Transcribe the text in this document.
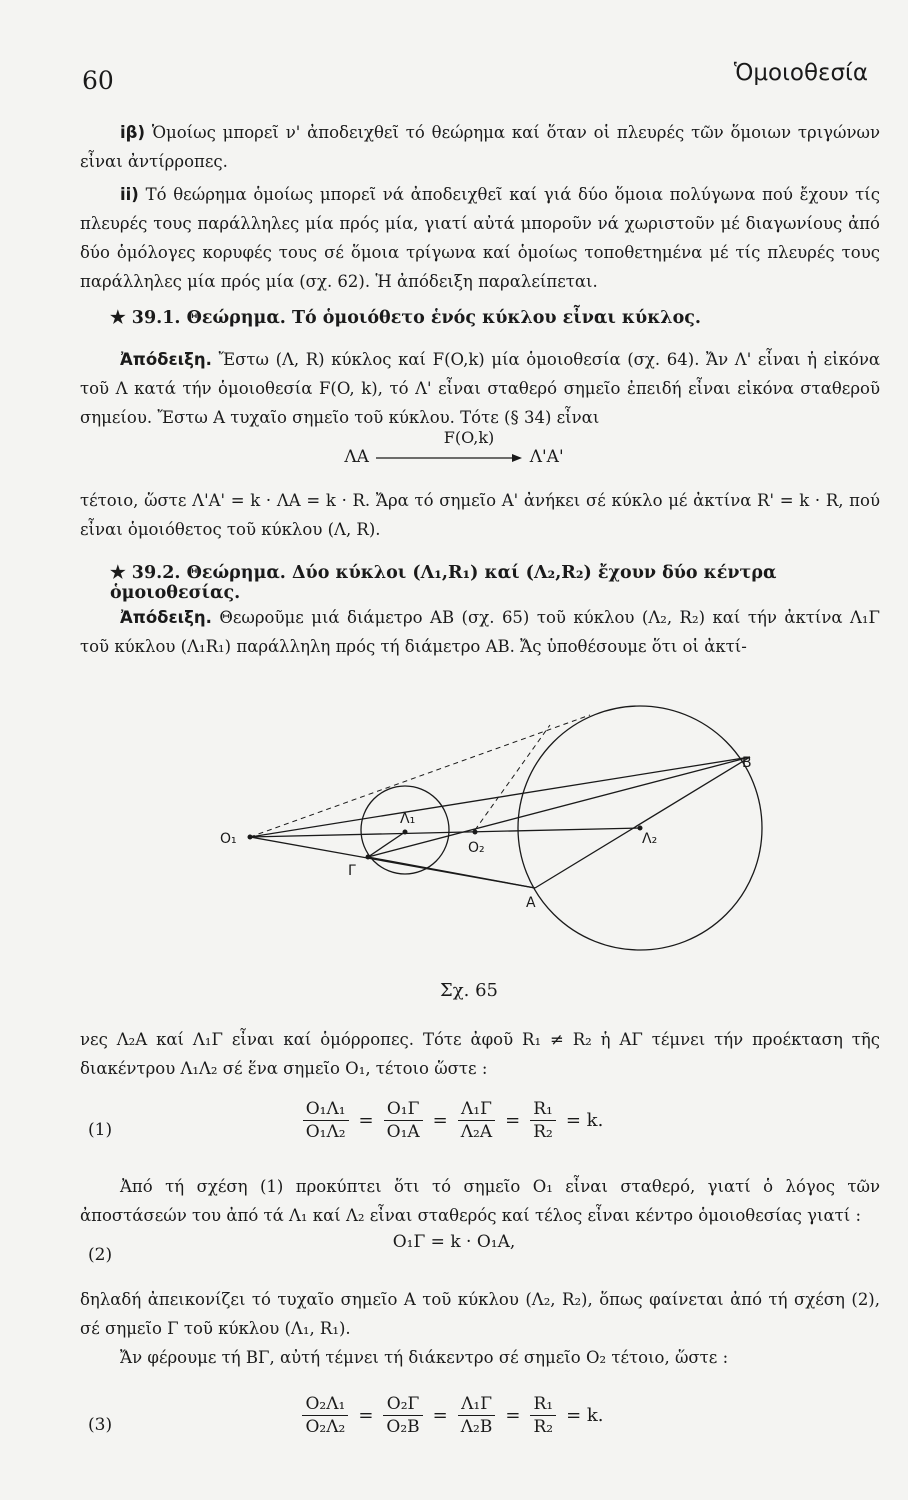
60	Ὁμοιοθεσία

iβ) Ὁμοίως μπορεῖ ν' ἀποδειχθεῖ τό θεώρημα καί ὅταν οἱ πλευρές τῶν ὅμοιων τριγώνων εἶναι ἀντίρροπες.

ii) Τό θεώρημα ὁμοίως μπορεῖ νά ἀποδειχθεῖ καί γιά δύο ὅμοια πολύγωνα πού ἔχουν τίς πλευρές τους παράλληλες μία πρός μία, γιατί αὐτά μποροῦν νά χωριστοῦν μέ διαγωνίους ἀπό δύο ὁμόλογες κορυφές τους σέ ὅμοια τρίγωνα καί ὁμοίως τοποθετημένα μέ τίς πλευρές τους παράλληλες μία πρός μία (σχ. 62). Ἡ ἀπόδειξη παραλείπεται.

★ 39.1. Θεώρημα. Τό ὁμοιόθετο ἑνός κύκλου εἶναι κύκλος.

Ἀπόδειξη. Ἔστω (Λ, R) κύκλος καί F(O,k) μία ὁμοιοθεσία (σχ. 64). Ἄν Λ' εἶναι ἡ εἰκόνα τοῦ Λ κατά τήν ὁμοιοθεσία F(O, k), τό Λ' εἶναι σταθερό σημεῖο ἐπειδή εἶναι εἰκόνα σταθεροῦ σημείου. Ἔστω Α τυχαῖο σημεῖο τοῦ κύκλου. Τότε (§ 34) εἶναι

F(O,k)
ΛΑ	Λ'Α'

τέτοιο, ὥστε Λ'Α' = k · ΛΑ = k · R. Ἄρα τό σημεῖο Α' ἀνήκει σέ κύκλο μέ ἀκτίνα R' = k · R, πού εἶναι ὁμοιόθετος τοῦ κύκλου (Λ, R).

★ 39.2. Θεώρημα. Δύο κύκλοι (Λ₁,R₁) καί (Λ₂,R₂) ἔχουν δύο κέντρα ὁμοιοθεσίας.

Ἀπόδειξη. Θεωροῦμε μιά διάμετρο ΑΒ (σχ. 65) τοῦ κύκλου (Λ₂, R₂) καί τήν ἀκτίνα Λ₁Γ τοῦ κύκλου (Λ₁R₁) παράλληλη πρός τή διάμετρο ΑΒ. Ἄς ὑποθέσουμε ὅτι οἱ ἀκτί-

O₁
Λ₁
O₂
Λ₂
Γ
Α
B
Σχ. 65

νες Λ₂Α καί Λ₁Γ εἶναι καί ὁμόρροπες. Τότε ἀφοῦ R₁ ≠ R₂ ἡ ΑΓ τέμνει τήν προέκταση τῆς διακέντρου Λ₁Λ₂ σέ ἕνα σημεῖο O₁, τέτοιο ὥστε :

(1)	$\frac{\text{O₁Λ₁}}{\text{O₁Λ₂}} = \frac{\text{O₁Γ}}{\text{O₁Α}} = \frac{\text{Λ₁Γ}}{\text{Λ₂Α}} = \frac{\text{R₁}}{\text{R₂}} = k$.

Ἀπό τή σχέση (1) προκύπτει ὅτι τό σημεῖο O₁ εἶναι σταθερό, γιατί ὁ λόγος τῶν ἀποστάσεών του ἀπό τά Λ₁ καί Λ₂ εἶναι σταθερός καί τέλος εἶναι κέντρο ὁμοιοθεσίας γιατί :

(2)
O₁Γ = k · O₁Α,

δηλαδή ἀπεικονίζει τό τυχαῖο σημεῖο Α τοῦ κύκλου (Λ₂, R₂), ὅπως φαίνεται ἀπό τή σχέση (2), σέ σημεῖο Γ τοῦ κύκλου (Λ₁, R₁).

Ἄν φέρουμε τή ΒΓ, αὐτή τέμνει τή διάκεντρο σέ σημεῖο O₂ τέτοιο, ὥστε :

(3)	$\frac{\text{O₂Λ₁}}{\text{O₂Λ₂}} = \frac{\text{O₂Γ}}{\text{O₂Β}} = \frac{\text{Λ₁Γ}}{\text{Λ₂Β}} = \frac{\text{R₁}}{\text{R₂}} = k$.
